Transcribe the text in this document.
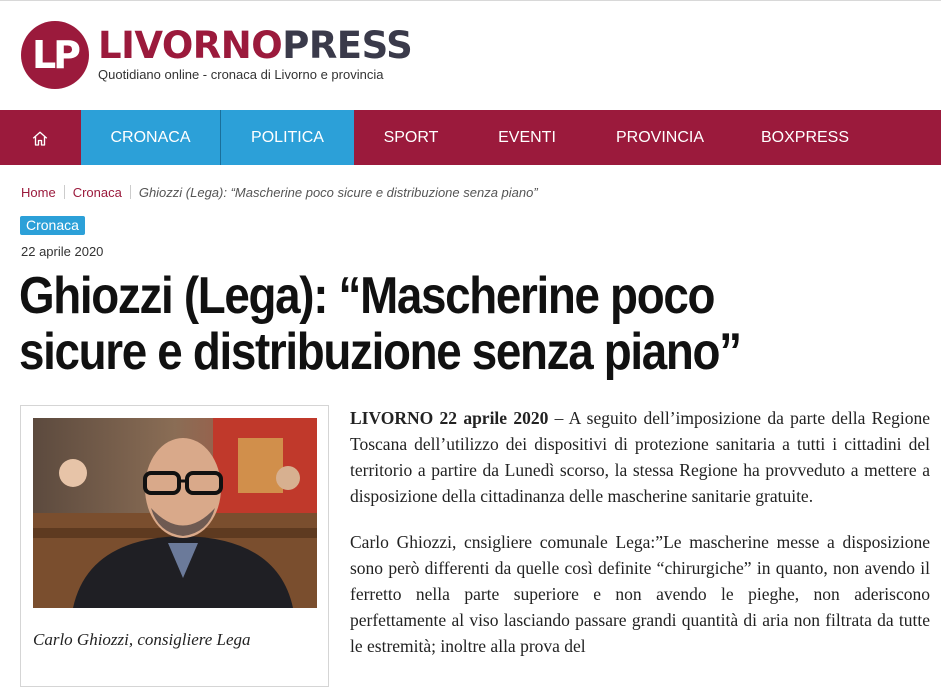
LP LIVORNOPRESS
Quotidiano online - cronaca di Livorno e provincia
CRONACA	POLITICA	SPORT	EVENTI	PROVINCIA	BOXPRESS
Home Cronaca Ghiozzi (Lega): “Mascherine poco sicure e distribuzione senza piano”
Cronaca
22 aprile 2020
Ghiozzi (Lega): “Mascherine poco sicure e distribuzione senza piano”
Carlo Ghiozzi, consigliere Lega

LIVORNO 22 aprile 2020 – A seguito dell’imposizione da parte della Regione Toscana dell’utilizzo dei dispositivi di protezione sanitaria a tutti i cittadini del territorio a partire da Lunedì scorso, la stessa Regione ha provveduto a mettere a disposizione della cittadinanza delle mascherine sanitarie gratuite.

Carlo Ghiozzi, cnsigliere comunale Lega:”Le mascherine messe a disposizione sono però differenti da quelle così definite “chirurgiche” in quanto, non avendo il ferretto nella parte superiore e non avendo le pieghe, non aderiscono perfettamente al viso lasciando passare grandi quantità di aria non filtrata da tutte le estremità; inoltre alla prova del
